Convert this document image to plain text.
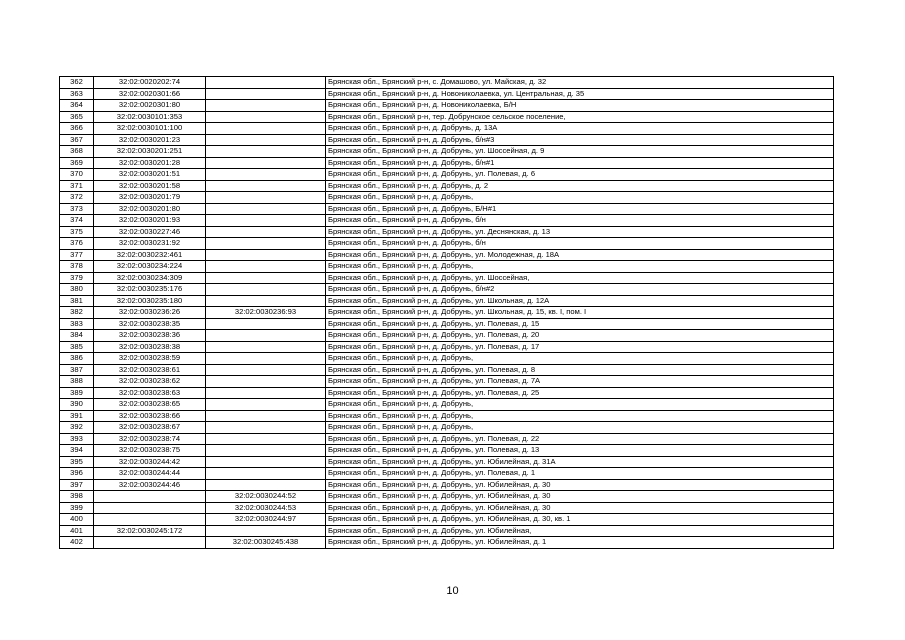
362	32:02:0020202:74		Брянская обл., Брянский р-н, с. Домашово, ул. Майская, д. 32
363	32:02:0020301:66		Брянская обл., Брянский р-н, д. Новониколаевка, ул. Центральная, д. 35
364	32:02:0020301:80		Брянская обл., Брянский р-н, д. Новониколаевка, Б/Н
365	32:02:0030101:353		Брянская обл., Брянский р-н, тер. Добрунское сельское поселение,
366	32:02:0030101:100		Брянская обл., Брянский р-н, д. Добрунь, д. 13А
367	32:02:0030201:23		Брянская обл., Брянский р-н, д. Добрунь, б/н#3
368	32:02:0030201:251		Брянская обл., Брянский р-н, д. Добрунь, ул. Шоссейная, д. 9
369	32:02:0030201:28		Брянская обл., Брянский р-н, д. Добрунь, б/н#1
370	32:02:0030201:51		Брянская обл., Брянский р-н, д. Добрунь, ул. Полевая, д. 6
371	32:02:0030201:58		Брянская обл., Брянский р-н, д. Добрунь, д. 2
372	32:02:0030201:79		Брянская обл., Брянский р-н, д. Добрунь,
373	32:02:0030201:80		Брянская обл., Брянский р-н, д. Добрунь, Б/Н#1
374	32:02:0030201:93		Брянская обл., Брянский р-н, д. Добрунь, б/н
375	32:02:0030227:46		Брянская обл., Брянский р-н, д. Добрунь, ул. Деснянская, д. 13
376	32:02:0030231:92		Брянская обл., Брянский р-н, д. Добрунь, б/н
377	32:02:0030232:461		Брянская обл., Брянский р-н, д. Добрунь, ул. Молодежная, д. 18А
378	32:02:0030234:224		Брянская обл., Брянский р-н, д. Добрунь,
379	32:02:0030234:309		Брянская обл., Брянский р-н, д. Добрунь, ул. Шоссейная,
380	32:02:0030235:176		Брянская обл., Брянский р-н, д. Добрунь, б/н#2
381	32:02:0030235:180		Брянская обл., Брянский р-н, д. Добрунь, ул. Школьная, д. 12А
382	32:02:0030236:26	32:02:0030236:93	Брянская обл., Брянский р-н, д. Добрунь, ул. Школьная, д. 15, кв. I, пом. I
383	32:02:0030238:35		Брянская обл., Брянский р-н, д. Добрунь, ул. Полевая, д. 15
384	32:02:0030238:36		Брянская обл., Брянский р-н, д. Добрунь, ул. Полевая, д. 20
385	32:02:0030238:38		Брянская обл., Брянский р-н, д. Добрунь, ул. Полевая, д. 17
386	32:02:0030238:59		Брянская обл., Брянский р-н, д. Добрунь,
387	32:02:0030238:61		Брянская обл., Брянский р-н, д. Добрунь, ул. Полевая, д. 8
388	32:02:0030238:62		Брянская обл., Брянский р-н, д. Добрунь, ул. Полевая, д. 7А
389	32:02:0030238:63		Брянская обл., Брянский р-н, д. Добрунь, ул. Полевая, д. 25
390	32:02:0030238:65		Брянская обл., Брянский р-н, д. Добрунь,
391	32:02:0030238:66		Брянская обл., Брянский р-н, д. Добрунь,
392	32:02:0030238:67		Брянская обл., Брянский р-н, д. Добрунь,
393	32:02:0030238:74		Брянская обл., Брянский р-н, д. Добрунь, ул. Полевая, д. 22
394	32:02:0030238:75		Брянская обл., Брянский р-н, д. Добрунь, ул. Полевая, д. 13
395	32:02:0030244:42		Брянская обл., Брянский р-н, д. Добрунь, ул. Юбилейная, д. 31А
396	32:02:0030244:44		Брянская обл., Брянский р-н, д. Добрунь, ул. Полевая, д. 1
397	32:02:0030244:46		Брянская обл., Брянский р-н, д. Добрунь, ул. Юбилейная, д. 30
398		32:02:0030244:52	Брянская обл., Брянский р-н, д. Добрунь, ул. Юбилейная, д. 30
399		32:02:0030244:53	Брянская обл., Брянский р-н, д. Добрунь, ул. Юбилейная, д. 30
400		32:02:0030244:97	Брянская обл., Брянский р-н, д. Добрунь, ул. Юбилейная, д. 30, кв. 1
401	32:02:0030245:172		Брянская обл., Брянский р-н, д. Добрунь, ул. Юбилейная,
402		32:02:0030245:438	Брянская обл., Брянский р-н, д. Добрунь, ул. Юбилейная, д. 1
10
